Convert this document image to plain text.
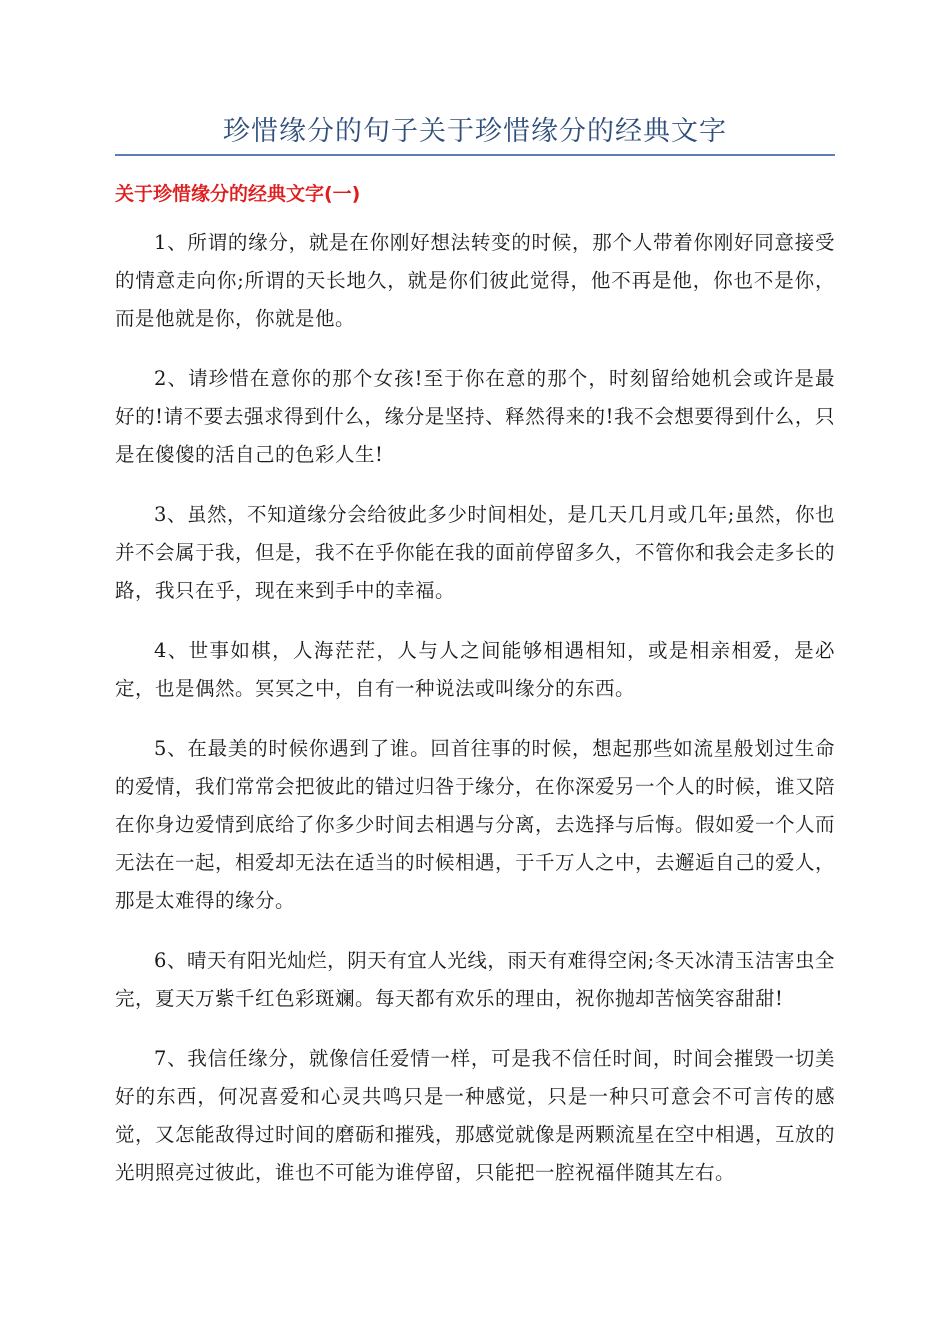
珍惜缘分的句子关于珍惜缘分的经典文字
关于珍惜缘分的经典文字(一)

1、所谓的缘分，就是在你刚好想法转变的时候，那个人带着你刚好同意接受的情意走向你;所谓的天长地久，就是你们彼此觉得，他不再是他，你也不是你，而是他就是你，你就是他。

2、请珍惜在意你的那个女孩!至于你在意的那个，时刻留给她机会或许是最好的!请不要去强求得到什么，缘分是坚持、释然得来的!我不会想要得到什么，只是在傻傻的活自己的色彩人生!

3、虽然，不知道缘分会给彼此多少时间相处，是几天几月或几年;虽然，你也并不会属于我，但是，我不在乎你能在我的面前停留多久，不管你和我会走多长的路，我只在乎，现在来到手中的幸福。

4、世事如棋，人海茫茫，人与人之间能够相遇相知，或是相亲相爱，是必定，也是偶然。冥冥之中，自有一种说法或叫缘分的东西。

5、在最美的时候你遇到了谁。回首往事的时候，想起那些如流星般划过生命的爱情，我们常常会把彼此的错过归咎于缘分，在你深爱另一个人的时候，谁又陪在你身边爱情到底给了你多少时间去相遇与分离，去选择与后悔。假如爱一个人而无法在一起，相爱却无法在适当的时候相遇，于千万人之中，去邂逅自己的爱人，那是太难得的缘分。

6、晴天有阳光灿烂，阴天有宜人光线，雨天有难得空闲;冬天冰清玉洁害虫全完，夏天万紫千红色彩斑斓。每天都有欢乐的理由，祝你抛却苦恼笑容甜甜!

7、我信任缘分，就像信任爱情一样，可是我不信任时间，时间会摧毁一切美好的东西，何况喜爱和心灵共鸣只是一种感觉，只是一种只可意会不可言传的感觉，又怎能敌得过时间的磨砺和摧残，那感觉就像是两颗流星在空中相遇，互放的光明照亮过彼此，谁也不可能为谁停留，只能把一腔祝福伴随其左右。
